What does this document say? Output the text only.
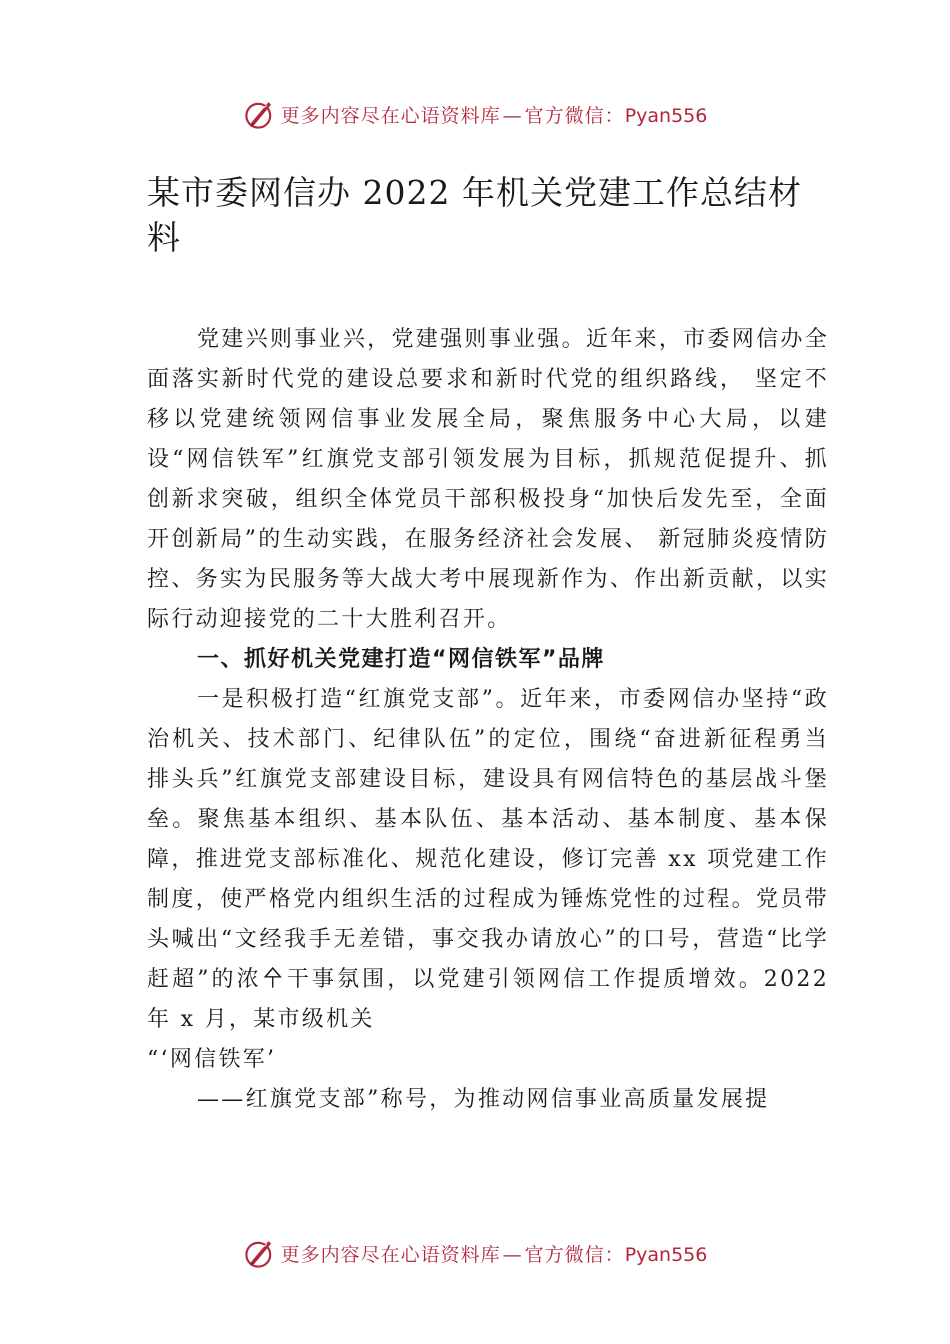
更多内容尽在心语资料库 — 官方微信：Pyan556
某市委网信办 2022 年机关党建工作总结材料

党建兴则事业兴，党建强则事业强。近年来，市委网信办全面落实新时代党的建设总要求和新时代党的组织路线， 坚定不移以党建统领网信事业发展全局，聚焦服务中心大局，以建设“网信铁军”红旗党支部引领发展为目标，抓规范促提升、抓创新求突破，组织全体党员干部积极投身“加快后发先至，全面开创新局”的生动实践，在服务经济社会发展、 新冠肺炎疫情防控、务实为民服务等大战大考中展现新作为、作出新贡献，以实际行动迎接党的二十大胜利召开。

一、抓好机关党建打造“网信铁军”品牌

一是积极打造“红旗党支部”。近年来，市委网信办坚持“政治机关、技术部门、纪律队伍”的定位，围绕“奋进新征程勇当排头兵”红旗党支部建设目标，建设具有网信特色的基层战斗堡垒。聚焦基本组织、基本队伍、基本活动、基本制度、基本保障，推进党支部标准化、规范化建设，修订完善 xx 项党建工作制度，使严格党内组织生活的过程成为锤炼党性的过程。党员带头喊出“文经我手无差错，事交我办请放心”的口号，营造“比学赶超”的浓㐃干事氛围，以党建引领网信工作提质增效。2022 年 x 月，某市级机关

“‘网信铁军’

——红旗党支部”称号，为推动网信事业高质量发展提

更多内容尽在心语资料库 — 官方微信：Pyan556
